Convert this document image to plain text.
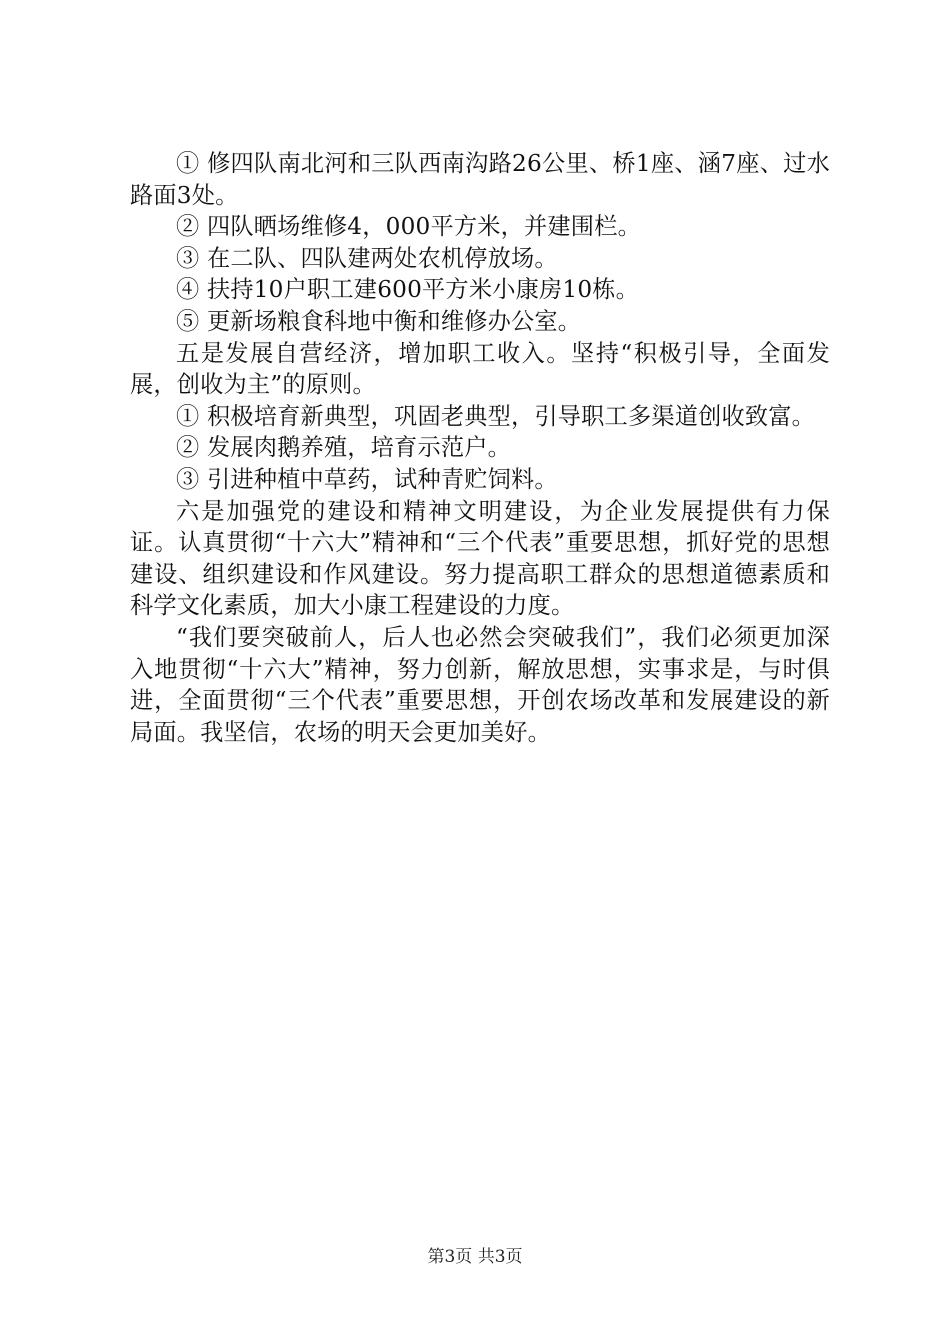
① 修四队南北河和三队西南沟路26公里、桥1座、涵7座、过水路面3处。

② 四队晒场维修4，000平方米，并建围栏。

③ 在二队、四队建两处农机停放场。

④ 扶持10户职工建600平方米小康房10栋。

⑤ 更新场粮食科地中衡和维修办公室。

五是发展自营经济，增加职工收入。坚持“积极引导，全面发展，创收为主”的原则。

① 积极培育新典型，巩固老典型，引导职工多渠道创收致富。

② 发展肉鹅养殖，培育示范户。

③ 引进种植中草药，试种青贮饲料。

六是加强党的建设和精神文明建设，为企业发展提供有力保证。认真贯彻“十六大”精神和“三个代表”重要思想，抓好党的思想建设、组织建设和作风建设。努力提高职工群众的思想道德素质和科学文化素质，加大小康工程建设的力度。

“我们要突破前人，后人也必然会突破我们”，我们必须更加深入地贯彻“十六大”精神，努力创新，解放思想，实事求是，与时俱进，全面贯彻“三个代表”重要思想，开创农场改革和发展建设的新局面。我坚信，农场的明天会更加美好。

第3页 共3页
